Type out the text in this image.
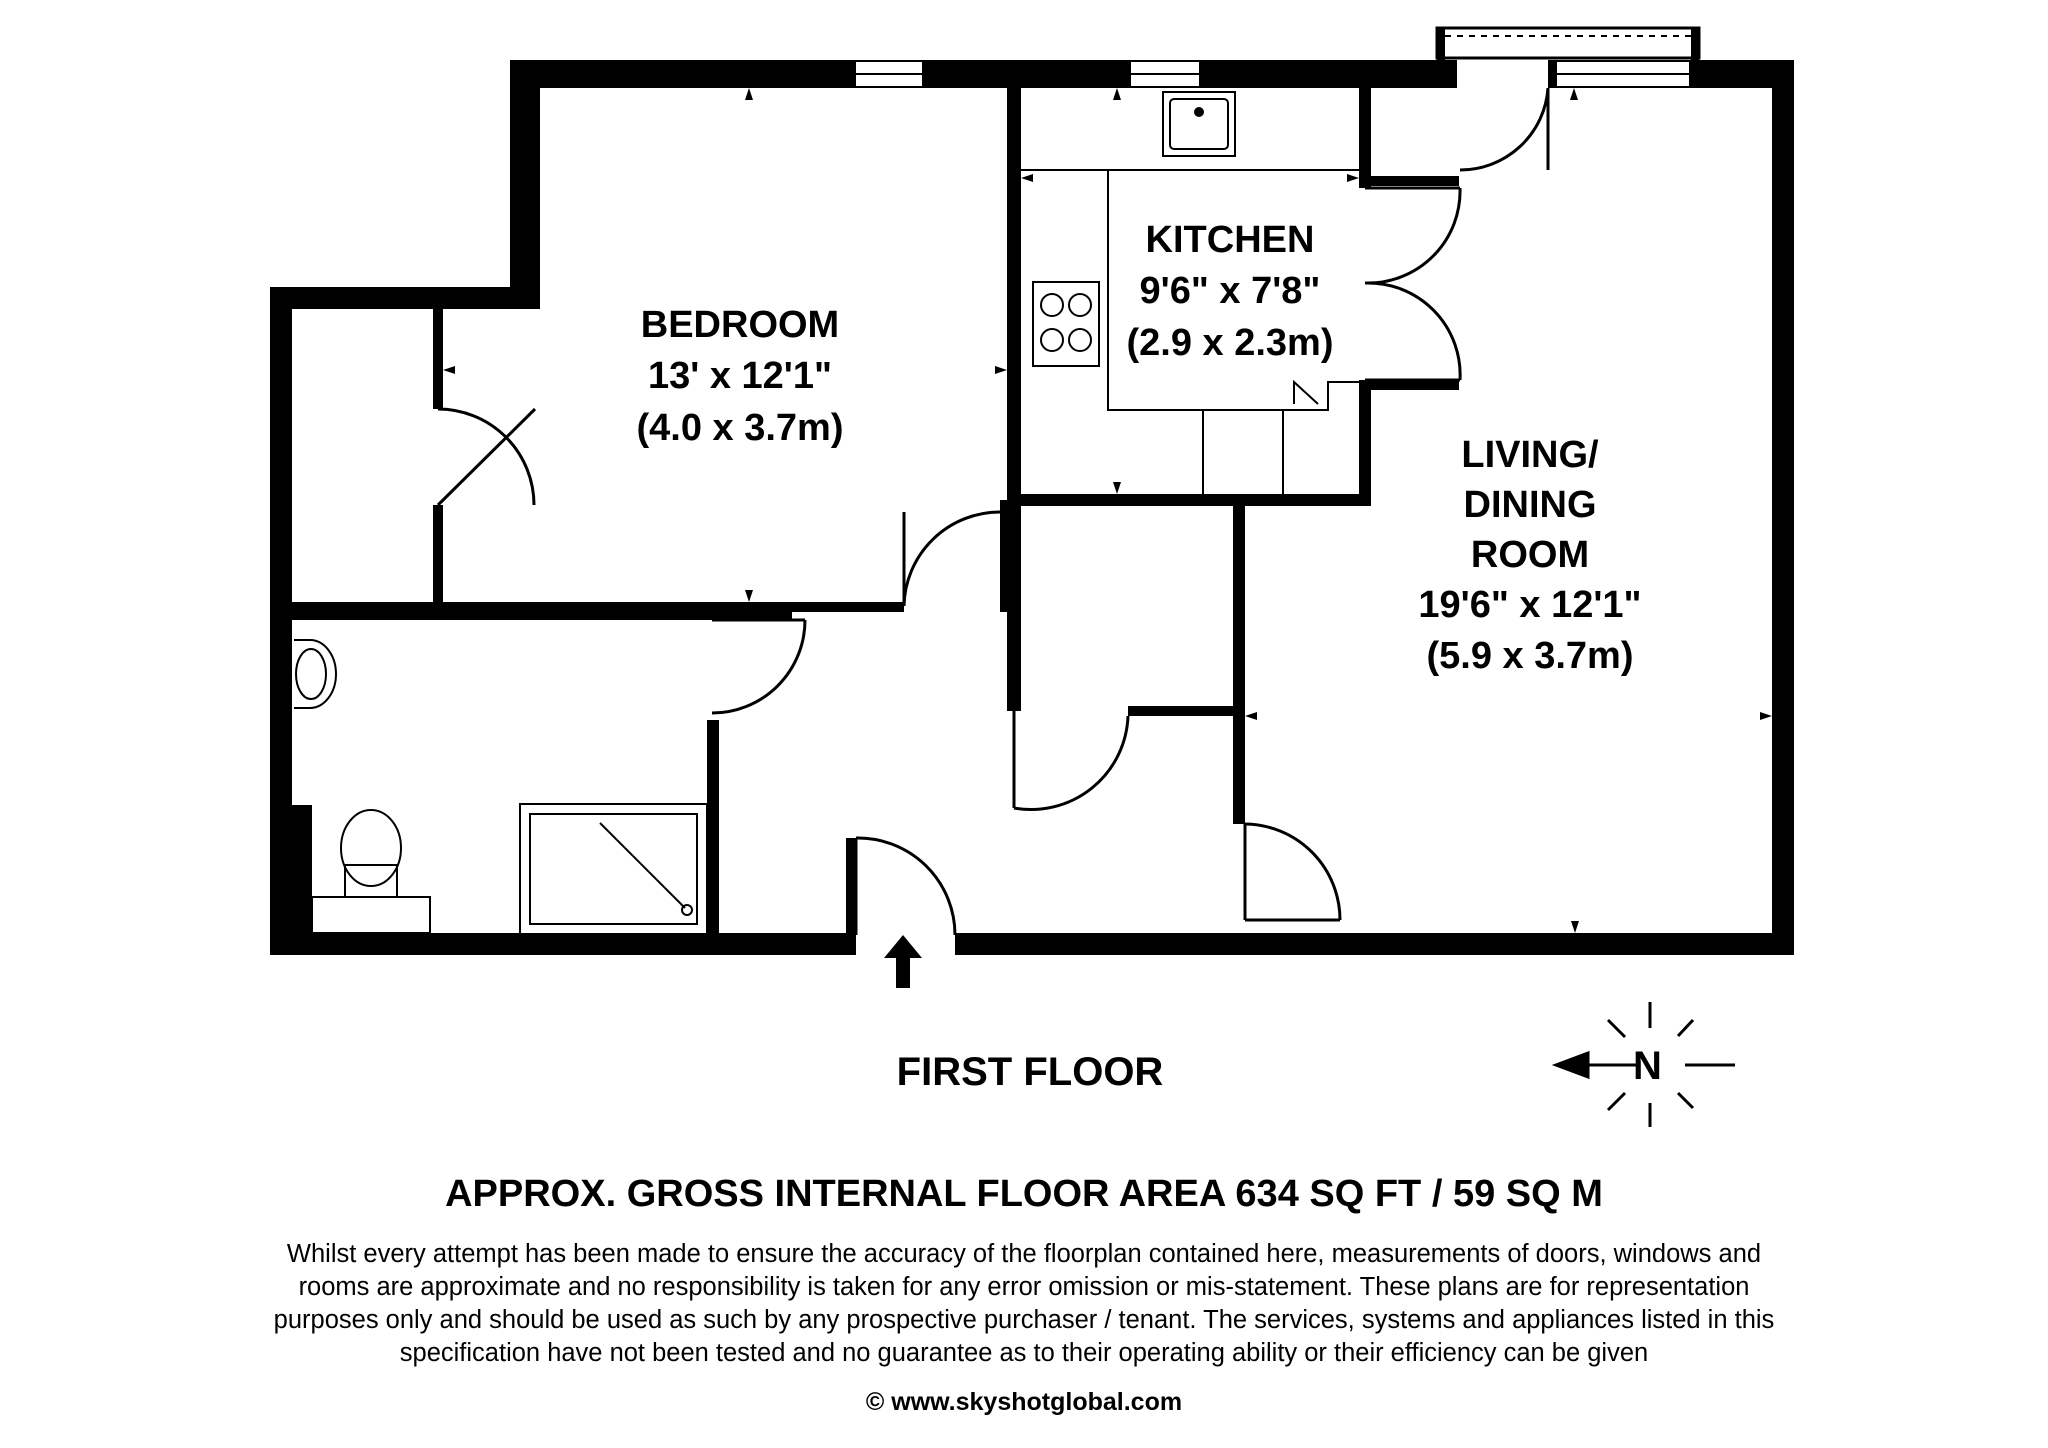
BEDROOM
13' x 12'1"
(4.0 x 3.7m)
KITCHEN
9'6" x 7'8"
(2.9 x 2.3m)
LIVING/
DINING
ROOM
19'6" x 12'1"
(5.9 x 3.7m)
N
FIRST FLOOR
APPROX. GROSS INTERNAL FLOOR AREA 634 SQ FT / 59 SQ M
Whilst every attempt has been made to ensure the accuracy of the floorplan contained here, measurements of doors, windows and
rooms are approximate and no responsibility is taken for any error omission or mis-statement. These plans are for representation
purposes only and should be used as such by any prospective purchaser / tenant. The services, systems and appliances listed in this
specification have not been tested and no guarantee as to their operating ability or their efficiency can be given
© www.skyshotglobal.com
